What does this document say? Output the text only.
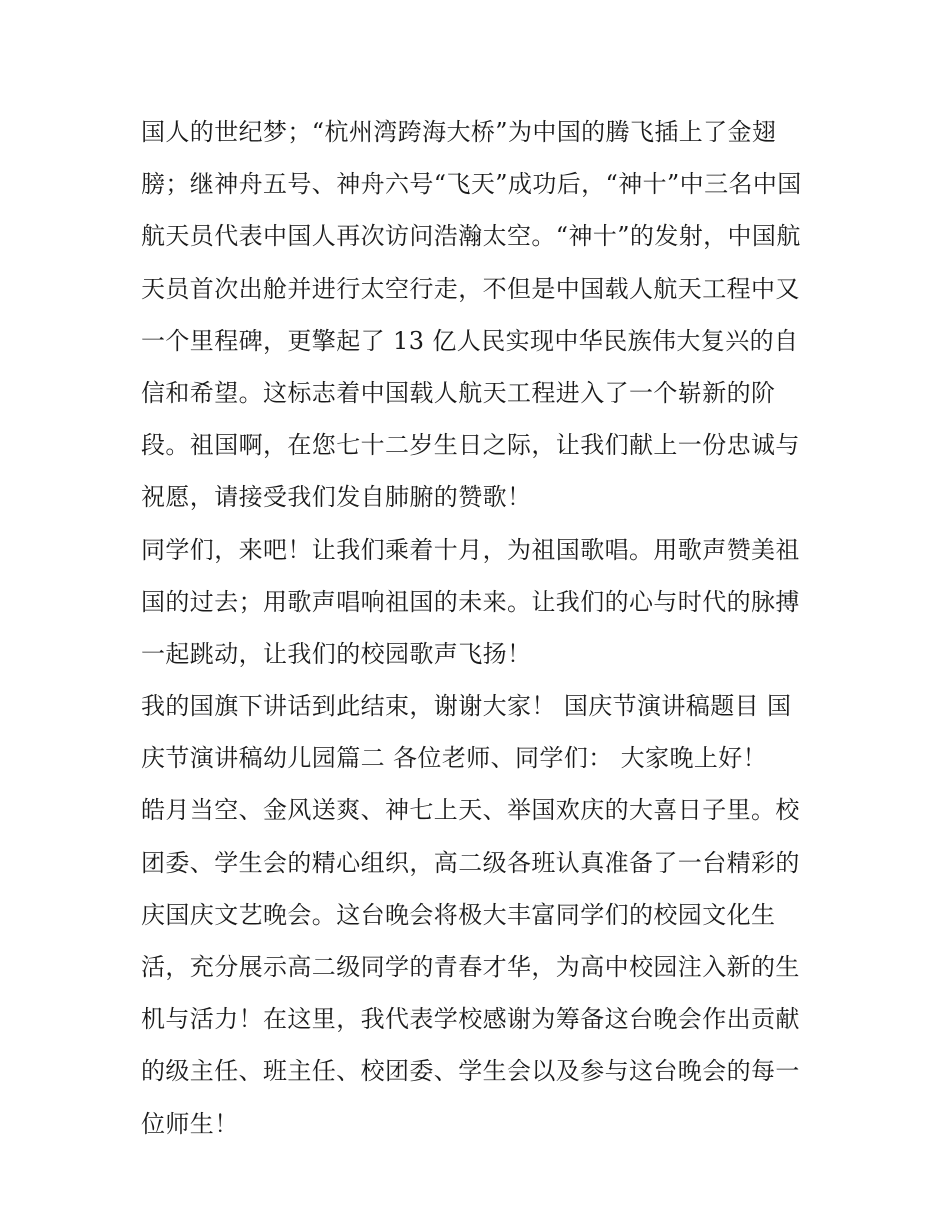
国人的世纪梦；“杭州湾跨海大桥”为中国的腾飞插上了金翅
膀；继神舟五号、神舟六号“飞天”成功后，“神十”中三名中国
航天员代表中国人再次访问浩瀚太空。“神十”的发射，中国航
天员首次出舱并进行太空行走，不但是中国载人航天工程中又
一个里程碑，更擎起了 13 亿人民实现中华民族伟大复兴的自
信和希望。这标志着中国载人航天工程进入了一个崭新的阶
段。祖国啊，在您七十二岁生日之际，让我们献上一份忠诚与
祝愿，请接受我们发自肺腑的赞歌！
同学们，来吧！让我们乘着十月，为祖国歌唱。用歌声赞美祖
国的过去；用歌声唱响祖国的未来。让我们的心与时代的脉搏
一起跳动，让我们的校园歌声飞扬！
我的国旗下讲话到此结束，谢谢大家！ 国庆节演讲稿题目 国
庆节演讲稿幼儿园篇二 各位老师、同学们： 大家晚上好！
皓月当空、金风送爽、神七上天、举国欢庆的大喜日子里。校
团委、学生会的精心组织，高二级各班认真准备了一台精彩的
庆国庆文艺晚会。这台晚会将极大丰富同学们的校园文化生
活，充分展示高二级同学的青春才华，为高中校园注入新的生
机与活力！在这里，我代表学校感谢为筹备这台晚会作出贡献
的级主任、班主任、校团委、学生会以及参与这台晚会的每一
位师生！
